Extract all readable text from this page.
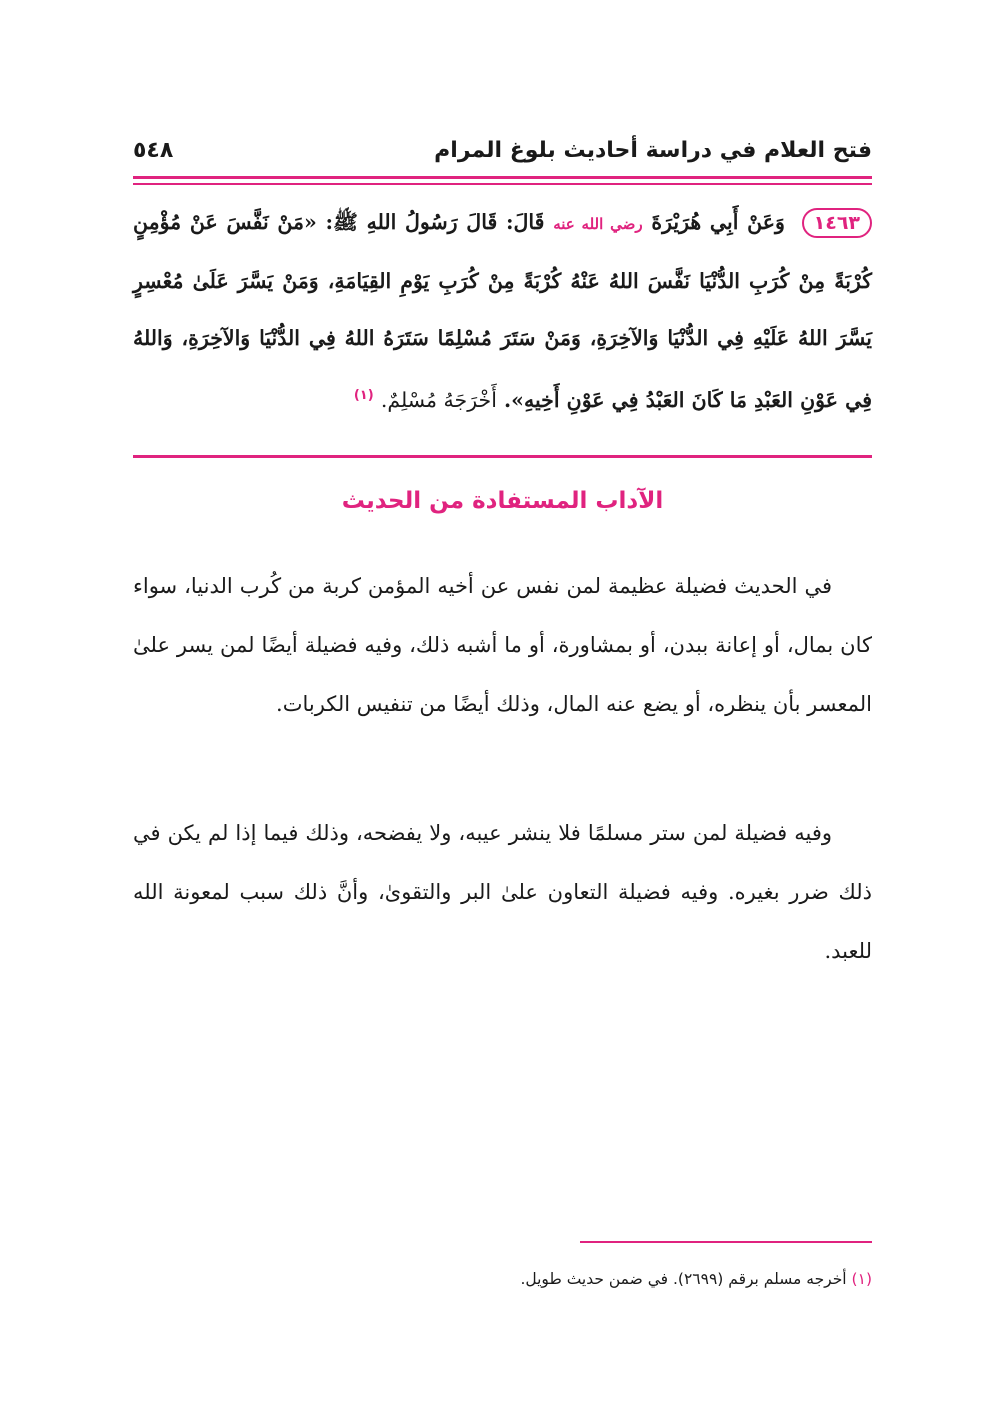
٥٤٨	فتح العلام في دراسة أحاديث بلوغ المرام
١٤٦٣ وَعَنْ أَبِي هُرَيْرَةَ رضي الله عنه قَالَ: قَالَ رَسُولُ اللهِ ﷺ: «مَنْ نَفَّسَ عَنْ مُؤْمِنٍ كُرْبَةً مِنْ كُرَبِ الدُّنْيَا نَفَّسَ اللهُ عَنْهُ كُرْبَةً مِنْ كُرَبِ يَوْمِ القِيَامَةِ، وَمَنْ يَسَّرَ عَلَىٰ مُعْسِرٍ يَسَّرَ اللهُ عَلَيْهِ فِي الدُّنْيَا وَالآخِرَةِ، وَمَنْ سَتَرَ مُسْلِمًا سَتَرَهُ اللهُ فِي الدُّنْيَا وَالآخِرَةِ، وَاللهُ فِي عَوْنِ العَبْدِ مَا كَانَ العَبْدُ فِي عَوْنِ أَخِيهِ». أَخْرَجَهُ مُسْلِمٌ. $^{(١)}$
الآداب المستفادة من الحديث

في الحديث فضيلة عظيمة لمن نفس عن أخيه المؤمن كربة من كُرب الدنيا، سواء كان بمال، أو إعانة ببدن، أو بمشاورة، أو ما أشبه ذلك، وفيه فضيلة أيضًا لمن يسر علىٰ المعسر بأن ينظره، أو يضع عنه المال، وذلك أيضًا من تنفيس الكربات.

وفيه فضيلة لمن ستر مسلمًا فلا ينشر عيبه، ولا يفضحه، وذلك فيما إذا لم يكن في ذلك ضرر بغيره. وفيه فضيلة التعاون علىٰ البر والتقوىٰ، وأنَّ ذلك سبب لمعونة الله للعبد.

(١) أخرجه مسلم برقم (٢٦٩٩). في ضمن حديث طويل.
